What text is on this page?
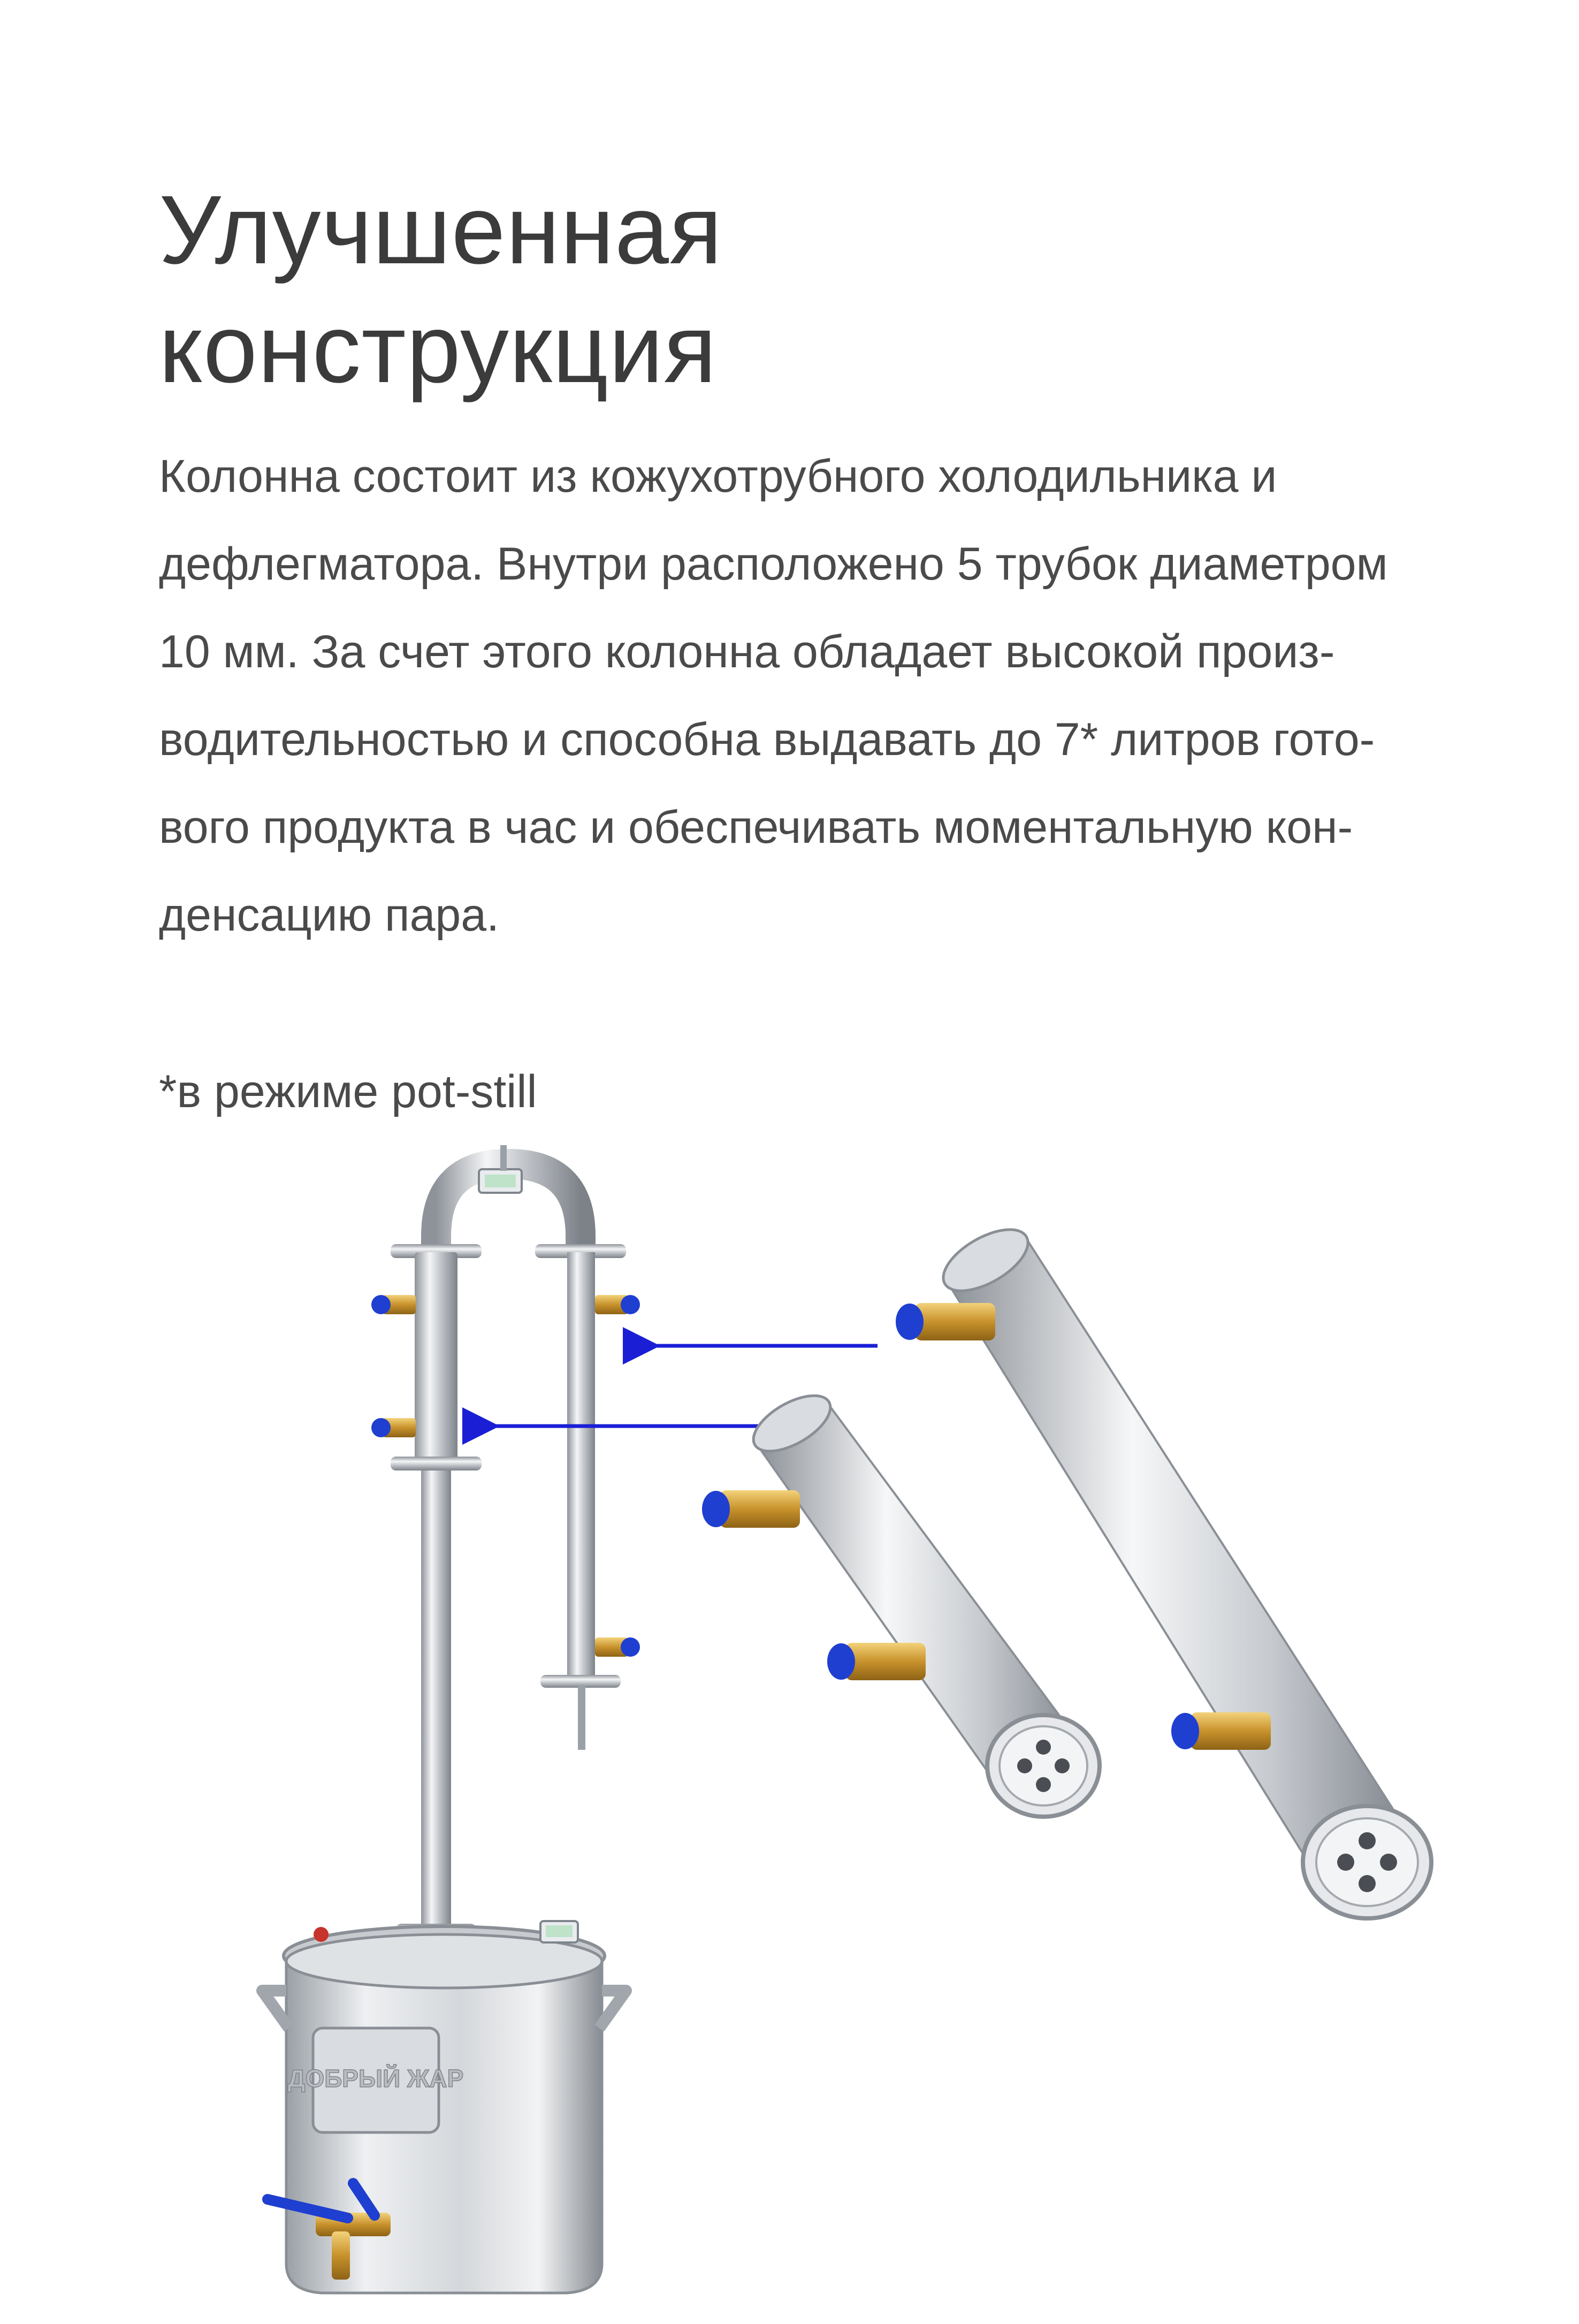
Улучшенная
конструкция

Колонна состоит из кожухотрубного холодильника и
дефлегматора. Внутри расположено 5 трубок диаметром
10 мм. За счет этого колонна обладает высокой произ-
водительностью и способна выдавать до 7* литров гото-
вого продукта в час и обеспечивать моментальную кон-
денсацию пара.

*в режиме pot-still

ДОБРЫЙ ЖАР
